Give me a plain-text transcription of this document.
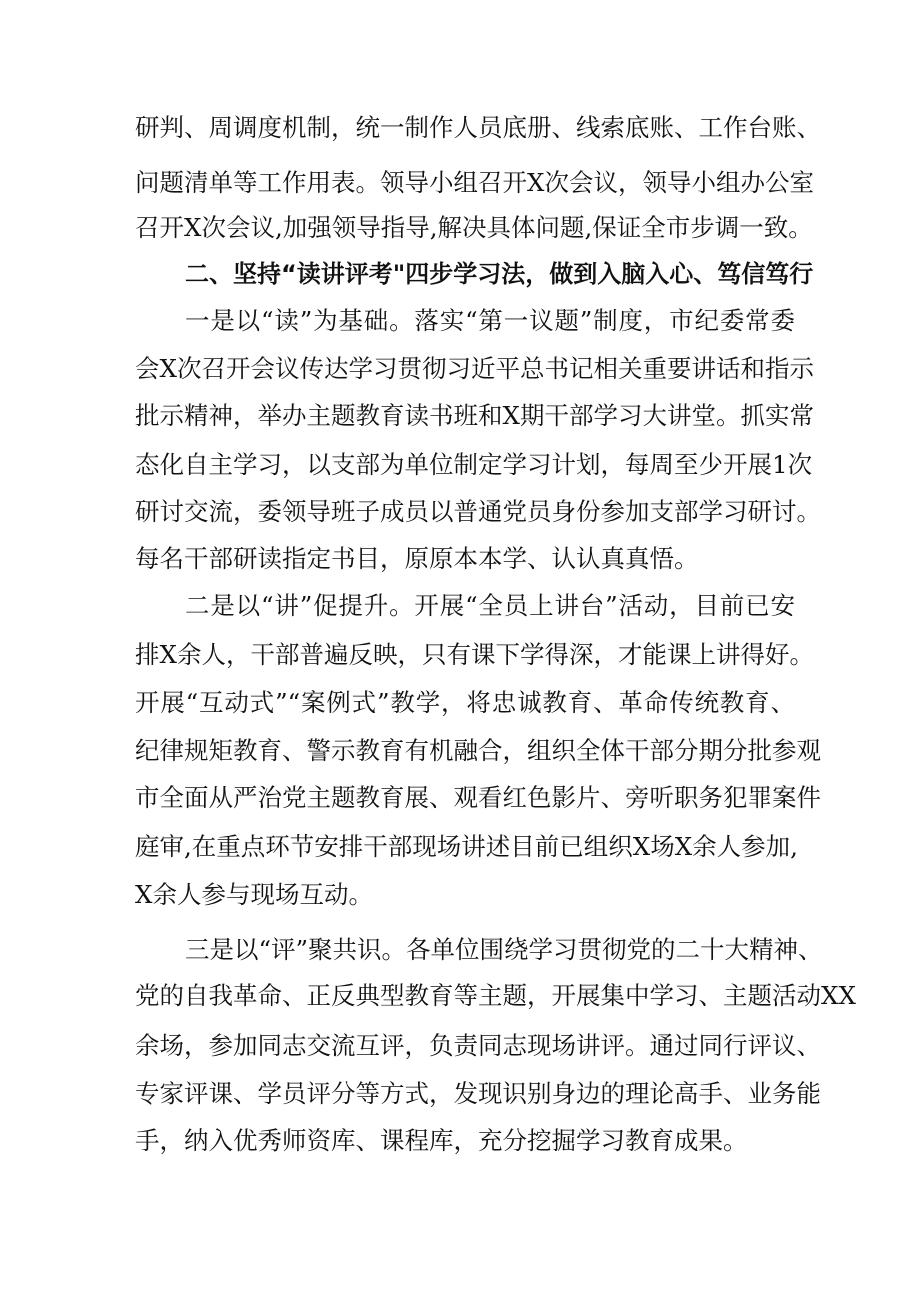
研判、周调度机制，统一制作人员底册、线索底账、工作台账、
问题清单等工作用表。领导小组召开X次会议，领导小组办公室
召开X次会议,加强领导指导,解决具体问题,保证全市步调一致。
二、坚持“读讲评考"四步学习法，做到入脑入心、笃信笃行
一是以“读”为基础。落实“第一议题”制度，市纪委常委
会X次召开会议传达学习贯彻习近平总书记相关重要讲话和指示
批示精神，举办主题教育读书班和X期干部学习大讲堂。抓实常
态化自主学习，以支部为单位制定学习计划，每周至少开展1次
研讨交流，委领导班子成员以普通党员身份参加支部学习研讨。
每名干部研读指定书目，原原本本学、认认真真悟。
二是以“讲”促提升。开展“全员上讲台”活动，目前已安
排X余人，干部普遍反映，只有课下学得深，才能课上讲得好。
开展“互动式”“案例式”教学，将忠诚教育、革命传统教育、
纪律规矩教育、警示教育有机融合，组织全体干部分期分批参观
市全面从严治党主题教育展、观看红色影片、旁听职务犯罪案件
庭审,在重点环节安排干部现场讲述目前已组织X场X余人参加,
X余人参与现场互动。
三是以“评”聚共识。各单位围绕学习贯彻党的二十大精神、
党的自我革命、正反典型教育等主题，开展集中学习、主题活动XX
余场，参加同志交流互评，负责同志现场讲评。通过同行评议、
专家评课、学员评分等方式，发现识别身边的理论高手、业务能
手，纳入优秀师资库、课程库，充分挖掘学习教育成果。
